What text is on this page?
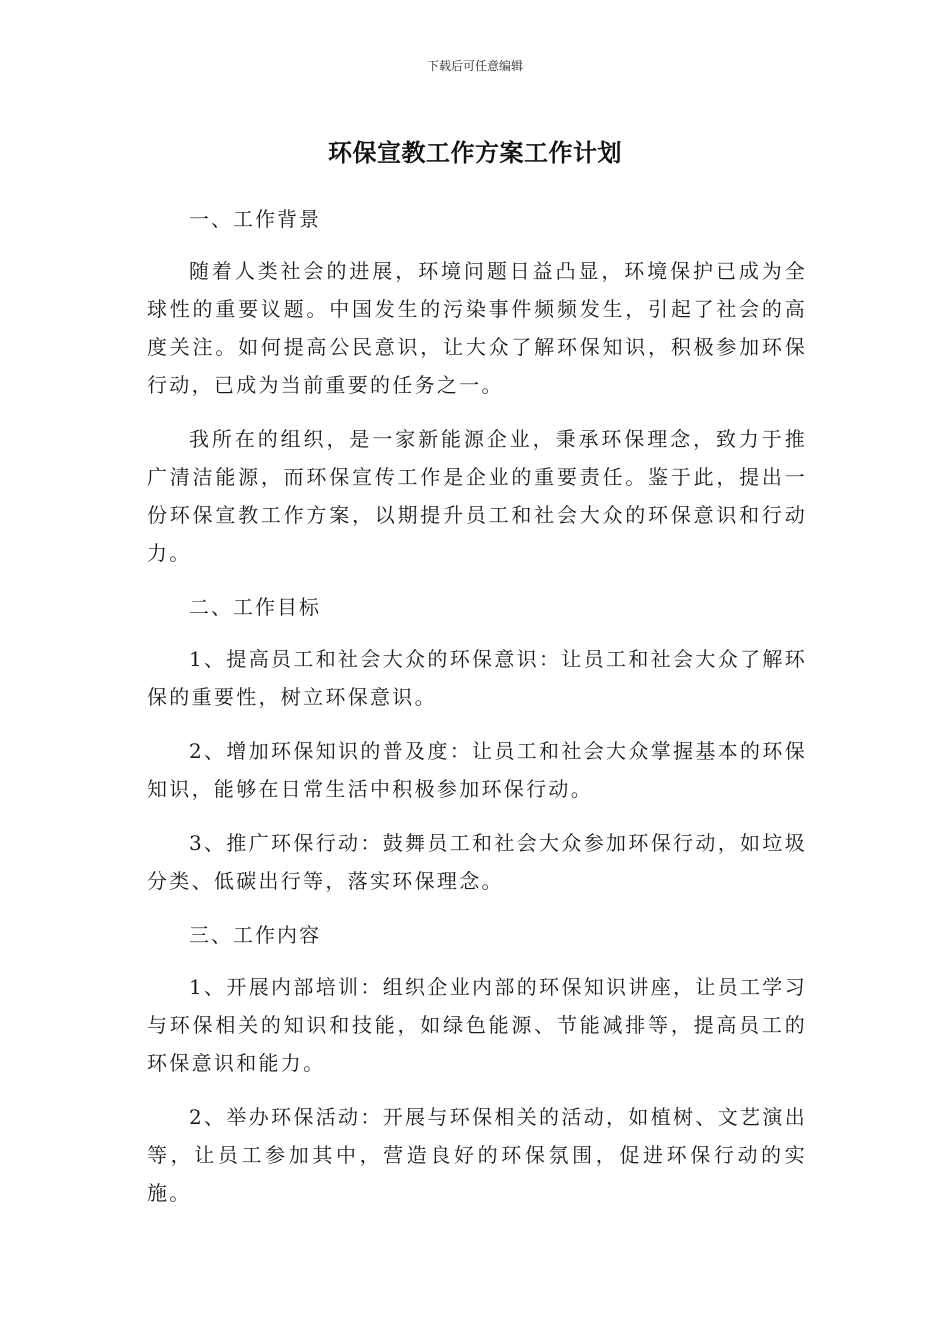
下载后可任意编辑
环保宣教工作方案工作计划

一、工作背景

随着人类社会的进展，环境问题日益凸显，环境保护已成为全球性的重要议题。中国发生的污染事件频频发生，引起了社会的高度关注。如何提高公民意识，让大众了解环保知识，积极参加环保行动，已成为当前重要的任务之一。

我所在的组织，是一家新能源企业，秉承环保理念，致力于推广清洁能源，而环保宣传工作是企业的重要责任。鉴于此，提出一份环保宣教工作方案，以期提升员工和社会大众的环保意识和行动力。

二、工作目标

1、提高员工和社会大众的环保意识：让员工和社会大众了解环保的重要性，树立环保意识。

2、增加环保知识的普及度：让员工和社会大众掌握基本的环保知识，能够在日常生活中积极参加环保行动。

3、推广环保行动：鼓舞员工和社会大众参加环保行动，如垃圾分类、低碳出行等，落实环保理念。

三、工作内容

1、开展内部培训：组织企业内部的环保知识讲座，让员工学习与环保相关的知识和技能，如绿色能源、节能减排等，提高员工的环保意识和能力。

2、举办环保活动：开展与环保相关的活动，如植树、文艺演出等，让员工参加其中，营造良好的环保氛围，促进环保行动的实施。
